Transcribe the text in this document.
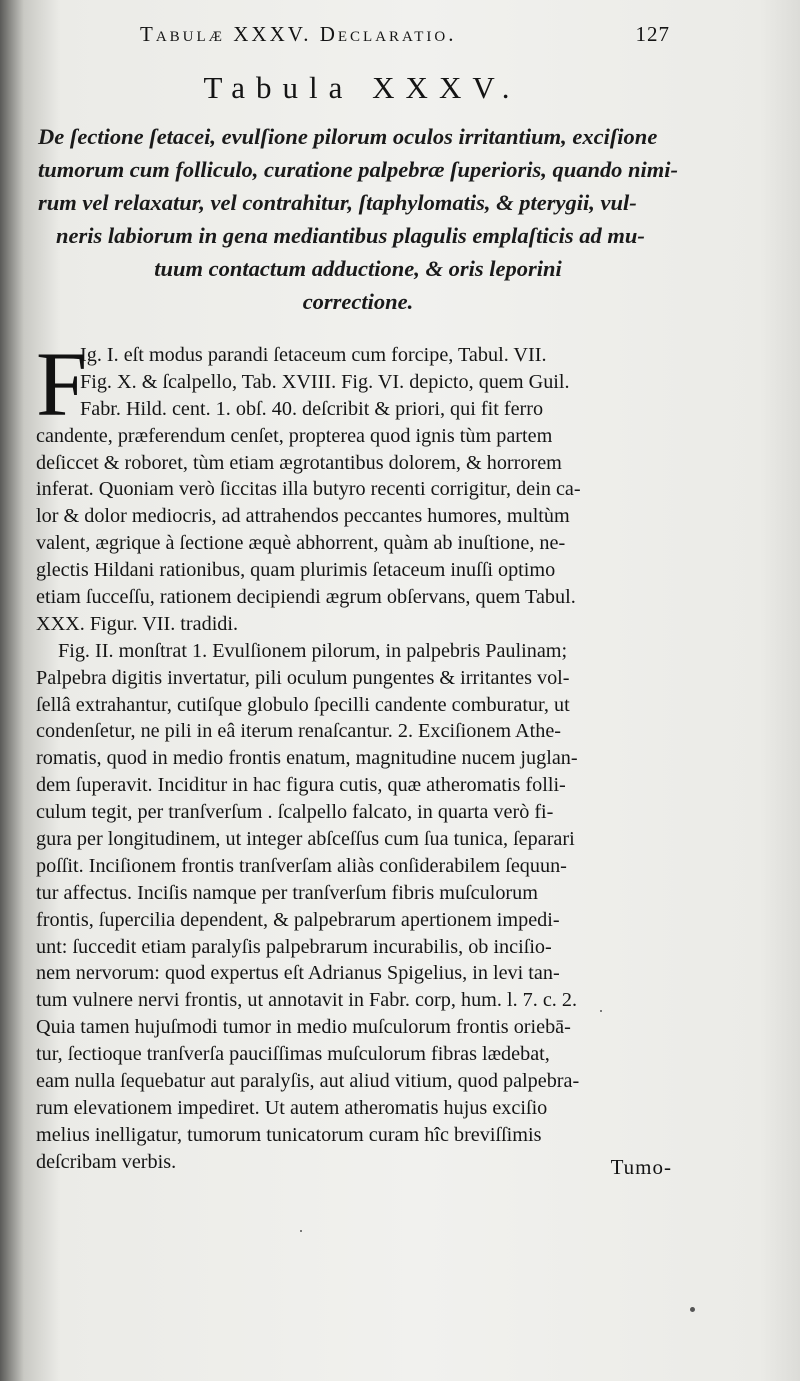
Tabulæ XXXV. Declaratio.	127
Tabula XXXV.
De ſectione ſetacei, evulſione pilorum oculos irritantium, exciſione
tumorum cum folliculo, curatione palpebræ ſuperioris, quando nimi-
rum vel relaxatur, vel contrahitur, ſtaphylomatis, & pterygii, vul-
neris labiorum in gena mediantibus plagulis emplaſticis ad mu-
tuum contactum adductione, & oris leporini
correctione.
F
Ig. I. eſt modus parandi ſetaceum cum forcipe, Tabul. VII.
Fig. X. & ſcalpello, Tab. XVIII. Fig. VI. depicto, quem Guil.
Fabr. Hild. cent. 1. obſ. 40. deſcribit & priori, qui fit ferro
candente, præferendum cenſet, propterea quod ignis tùm partem
deſiccet & roboret, tùm etiam ægrotantibus dolorem, & horrorem
inferat. Quoniam verò ſiccitas illa butyro recenti corrigitur, dein ca-
lor & dolor mediocris, ad attrahendos peccantes humores, multùm
valent, ægrique à ſectione æquè abhorrent, quàm ab inuſtione, ne-
glectis Hildani rationibus, quam plurimis ſetaceum inuſſi optimo
etiam ſucceſſu, rationem decipiendi ægrum obſervans, quem Tabul.
XXX. Figur. VII. tradidi.
Fig. II. monſtrat 1. Evulſionem pilorum, in palpebris Paulinam;
Palpebra digitis invertatur, pili oculum pungentes & irritantes vol-
ſellâ extrahantur, cutiſque globulo ſpecilli candente comburatur, ut
condenſetur, ne pili in eâ iterum renaſcantur. 2. Exciſionem Athe-
romatis, quod in medio frontis enatum, magnitudine nucem juglan-
dem ſuperavit. Inciditur in hac figura cutis, quæ atheromatis folli-
culum tegit, per tranſverſum . ſcalpello falcato, in quarta verò fi-
gura per longitudinem, ut integer abſceſſus cum ſua tunica, ſeparari
poſſit. Inciſionem frontis tranſverſam aliàs conſiderabilem ſequun-
tur affectus. Inciſis namque per tranſverſum fibris muſculorum
frontis, ſupercilia dependent, & palpebrarum apertionem impedi-
unt: ſuccedit etiam paralyſis palpebrarum incurabilis, ob inciſio-
nem nervorum: quod expertus eſt Adrianus Spigelius, in levi tan-
tum vulnere nervi frontis, ut annotavit in Fabr. corp, hum. l. 7. c. 2.
Quia tamen hujuſmodi tumor in medio muſculorum frontis oriebā-
tur, ſectioque tranſverſa pauciſſimas muſculorum fibras lædebat,
eam nulla ſequebatur aut paralyſis, aut aliud vitium, quod palpebra-
rum elevationem impediret. Ut autem atheromatis hujus exciſio
melius inelligatur, tumorum tunicatorum curam hîc breviſſimis
deſcribam verbis.	Tumo-
